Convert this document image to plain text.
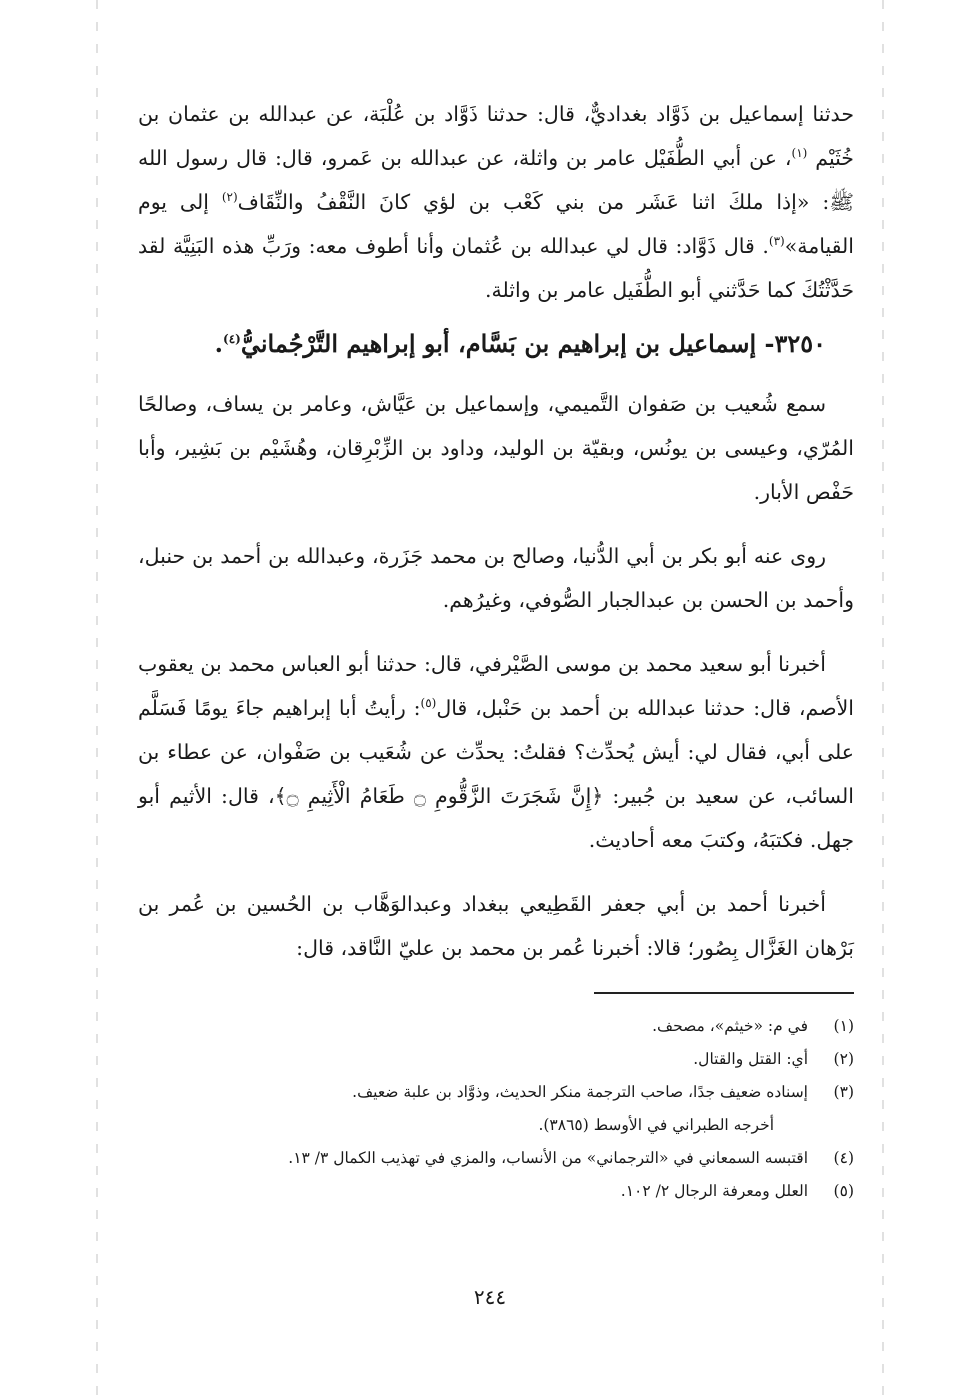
حدثنا إسماعيل بن ذَوَّاد بغداديٌّ، قال: حدثنا ذَوَّاد بن عُلْبَة، عن عبدالله بن عثمان بن خُثَيْم $^{(١)}$، عن أبي الطُّفَيْل عامر بن واثلة، عن عبدالله بن عَمرو، قال: قال رسول الله ﷺ: «إذا ملكَ اثنا عَشَر من بني كَعْب بن لؤي كانَ النَّقْفُ والنِّقَاف$^{(٢)}$ إلى يوم القيامة»$^{(٣)}$. قال ذَوَّاد: قال لي عبدالله بن عُثمان وأنا أطوف معه: ورَبِّ هذه البَنِيَّة لقد حَدَّثْتُكَ كما حَدَّثني أبو الطُّفَيل عامر بن واثلة.

٣٢٥٠- إسماعيل بن إبراهيم بن بَسَّام، أبو إبراهيم التَّرْجُمانيُّ$^{(٤)}$.

سمع شُعيب بن صَفوان التَّميمي، وإسماعيل بن عَيَّاش، وعامر بن يساف، وصالحًا المُرّي، وعيسى بن يونُس، وبقيّة بن الوليد، وداود بن الزِّبْرِقان، وهُشَيْم بن بَشِير، وأبا حَفْص الأبار.

روى عنه أبو بكر بن أبي الدُّنيا، وصالح بن محمد جَزَرة، وعبدالله بن أحمد بن حنبل، وأحمد بن الحسن بن عبدالجبار الصُّوفي، وغيرُهم.

أخبرنا أبو سعيد محمد بن موسى الصَّيْرفي، قال: حدثنا أبو العباس محمد بن يعقوب الأصم، قال: حدثنا عبدالله بن أحمد بن حَنْبل، قال$^{(٥)}$: رأيتُ أبا إبراهيم جاءَ يومًا فَسَلَّم على أبي، فقال لي: أيش يُحدِّث؟ فقلتُ: يحدِّث عن شُعَيب بن صَفْوان، عن عطاء بن السائب، عن سعيد بن جُبير: ﴿إِنَّ شَجَرَتَ الزَّقُّومِ ۝ طَعَامُ الْأَثِيمِ ۝﴾، قال: الأثيم أبو جهل. فكتبَهُ، وكتبَ معه أحاديث.

أخبرنا أحمد بن أبي جعفر القَطِيعي ببغداد وعبدالوَهَّاب بن الحُسين بن عُمر بن بَرْهان الغَزَّال بِصُور؛ قالا: أخبرنا عُمر بن محمد بن عليّ النَّاقد، قال:

(١)
في م: «خيثم»، مصحف.

(٢)
أي: القتل والقتال.

(٣)
إسناده ضعيف جدًا، صاحب الترجمة منكر الحديث، وذوَّاد بن علبة ضعيف.

أخرجه الطبراني في الأوسط (٣٨٦٥).

(٤)
اقتبسه السمعاني في «الترجماني» من الأنساب، والمزي في تهذيب الكمال ٣/ ١٣.

(٥)
العلل ومعرفة الرجال ٢/ ١٠٢.

٢٤٤
